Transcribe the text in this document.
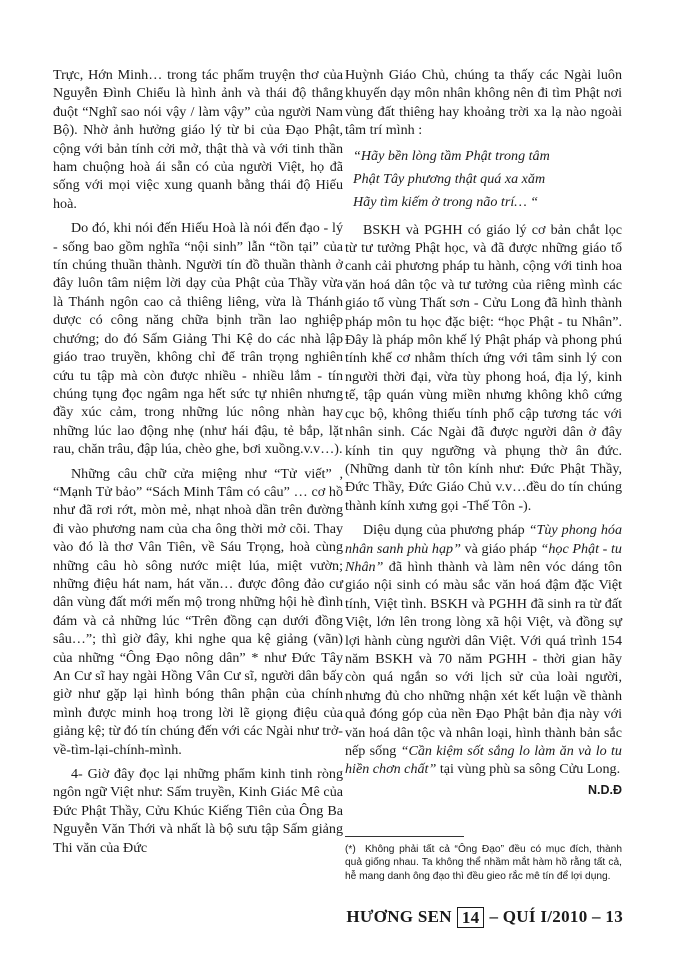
Trực, Hớn Minh… trong tác phẩm truyện thơ của Nguyễn Đình Chiểu là hình ảnh và thái độ thẳng đuột “Nghĩ sao nói vậy / làm vậy” của người Nam Bộ). Nhờ ảnh hưởng giáo lý từ bi của Đạo Phật, cộng với bản tính cởi mở, thật thà và với tinh thần ham chuộng hoà ái sẵn có của người Việt, họ đã sống với mọi việc xung quanh bằng thái độ Hiếu hoà.

Do đó, khi nói đến Hiếu Hoà là nói đến đạo - lý - sống bao gồm nghĩa “nội sinh” lẫn “tồn tại” của tín chúng thuần thành. Người tín đồ thuần thành ở đây luôn tâm niệm lời dạy của Phật của Thầy vừa là Thánh ngôn cao cả thiêng liêng, vừa là Thánh dược có công năng chữa bịnh trần lao nghiệp chướng; do đó Sấm Giảng Thi Kệ do các nhà lập giáo trao truyền, không chỉ để trân trọng nghiên cứu tu tập mà còn được nhiều - nhiều lắm - tín chúng tụng đọc ngâm nga hết sức tự nhiên nhưng đầy xúc cảm, trong những lúc nông nhàn hay những lúc lao động nhẹ (như hái đậu, tẻ bắp, lặt rau, chăn trâu, đập lúa, chèo ghe, bơi xuồng.v.v…).

Những câu chữ cửa miệng như “Tử viết” , “Mạnh Tử bảo” “Sách Minh Tâm có câu” … cơ hồ như đã rơi rớt, mòn mẻ, nhạt nhoà dần trên đường đi vào phương nam của cha ông thời mở cõi. Thay vào đó là thơ Vân Tiên, về Sáu Trọng, hoà cùng những câu hò sông nước miệt lúa, miệt vườn; những điệu hát nam, hát văn… được đông đảo cư dân vùng đất mới mến mộ trong những hội hè đình đám và cả những lúc “Trên đồng cạn dưới đồng sâu…”; thì giờ đây, khi nghe qua kệ giảng (vãn) của những “Ông Đạo nông dân” * như Đức Tây An Cư sĩ hay ngài Hồng Vân Cư sĩ, người dân bấy giờ như gặp lại hình bóng thân phận của chính mình được minh hoạ trong lời lẽ giọng điệu của giảng kệ; từ đó tín chúng đến với các Ngài như trở-về-tìm-lại-chính-mình.

4- Giờ đây đọc lại những phẩm kinh tinh ròng ngôn ngữ Việt như: Sấm truyền, Kinh Giác Mê của Đức Phật Thầy, Cửu Khúc Kiếng Tiên của Ông Ba Nguyễn Văn Thới và nhất là bộ sưu tập Sấm giảng Thi văn của Đức

Huỳnh Giáo Chủ, chúng ta thấy các Ngài luôn khuyến dạy môn nhân không nên đi tìm Phật nơi vùng đất thiêng hay khoảng trời xa lạ nào ngoài tâm trí mình :

“Hãy bền lòng tầm Phật trong tâm
Phật Tây phương thật quá xa xăm
Hãy tìm kiếm ở trong não trí… “

BSKH và PGHH có giáo lý cơ bản chắt lọc từ tư tưởng Phật học, và đã được những giáo tổ canh cải phương pháp tu hành, cộng với tinh hoa văn hoá dân tộc và tư tưởng của riêng mình các giáo tổ vùng Thất sơn - Cửu Long đã hình thành pháp môn tu học đặc biệt: “học Phật - tu Nhân”. Đây là pháp môn khế lý Phật pháp và phong phú tính khế cơ nhằm thích ứng với tâm sinh lý con người thời đại, vừa tùy phong hoá, địa lý, kinh tế, tập quán vùng miền nhưng không khô cứng cục bộ, không thiếu tính phổ cập tương tác với nhân sinh. Các Ngài đã được người dân ở đây kính tin quy ngưỡng và phụng thờ ân đức. (Những danh từ tôn kính như: Đức Phật Thầy, Đức Thầy, Đức Giáo Chủ v.v…đều do tín chúng thành kính xưng gọi -Thế Tôn -).

Diệu dụng của phương pháp “Tùy phong hóa nhân sanh phù hạp” và giáo pháp “học Phật - tu Nhân” đã hình thành và làm nên vóc dáng tôn giáo nội sinh có màu sắc văn hoá đậm đặc Việt tính, Việt tình. BSKH và PGHH đã sinh ra từ đất Việt, lớn lên trong lòng xã hội Việt, và đồng sự lợi hành cùng người dân Việt. Với quá trình 154 năm BSKH và 70 năm PGHH - thời gian hãy còn quá ngắn so với lịch sử của loài người, nhưng đủ cho những nhận xét kết luận về thành quả đóng góp của nền Đạo Phật bản địa này với văn hoá dân tộc và nhân loại, hình thành bản sắc nếp sống “Cần kiệm sốt sắng lo làm ăn và lo tu hiền chơn chất” tại vùng phù sa sông Cửu Long.

N.D.Đ
(*) Không phải tất cả “Ông Đạo” đều có mục đích, thành quả giống nhau. Ta không thể nhầm mắt hàm hồ rằng tất cả, hễ mang danh ông đạo thì đều gieo rắc mê tín để lợi dụng.
HƯƠNG SEN 14 – QUÍ I/2010 – 13
